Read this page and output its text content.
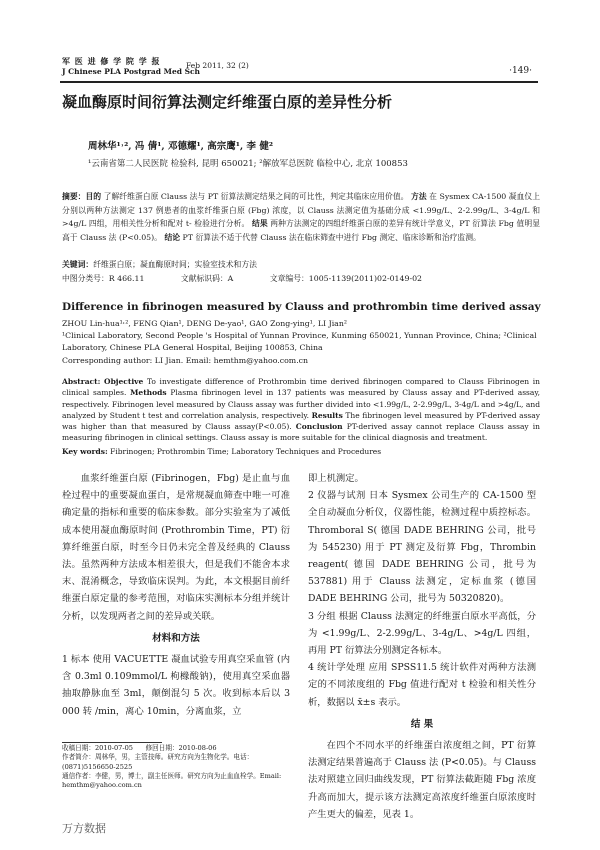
军 医 进 修 学 院 学 报
J Chinese PLA Postgrad Med Sch
Feb 2011, 32 (2)
·149·
凝血酶原时间衍算法测定纤维蛋白原的差异性分析
周林华¹˒², 冯 倩¹, 邓德耀¹, 高宗鹰¹, 李 健²
¹云南省第二人民医院 检验科, 昆明 650021; ²解放军总医院 临检中心, 北京 100853
摘要：目的 了解纤维蛋白原 Clauss 法与 PT 衍算法测定结果之间的可比性，判定其临床应用价值。 方法 在 Sysmex CA-1500 凝血仪上分别以两种方法测定 137 例患者的血浆纤维蛋白原 (Fbg) 浓度，以 Clauss 法测定值为基础分成 <1.99g/L、2-2.99g/L、3-4g/L 和 >4g/L 四组，用相关性分析和配对 t- 检验进行分析。 结果 两种方法测定的四组纤维蛋白原的差异有统计学意义，PT 衍算法 Fbg 值明显高于 Clauss 法 (P<0.05)。 结论 PT 衍算法不适于代替 Clauss 法在临床筛查中进行 Fbg 测定、临床诊断和治疗监测。
关键词：纤维蛋白原；凝血酶原时间；实验室技术和方法
中图分类号：R 466.11	文献标识码：A	文章编号：1005-1139(2011)02-0149-02
Difference in fibrinogen measured by Clauss and prothrombin time derived assay
ZHOU Lin-hua¹˒², FENG Qian¹, DENG De-yao¹, GAO Zong-ying¹, LI Jian²
¹Clinical Laboratory, Second People 's Hospital of Yunnan Province, Kunming 650021, Yunnan Province, China; ²Clinical Laboratory, Chinese PLA General Hospital, Beijing 100853, China
Corresponding author: LI Jian. Email: hemthm@yahoo.com.cn
Abstract: Objective To investigate difference of Prothrombin time derived fibrinogen compared to Clauss Fibrinogen in clinical samples. Methods Plasma fibrinogen level in 137 patients was measured by Clauss assay and PT-derived assay, respectively. Fibrinogen level measured by Clauss assay was further divided into <1.99g/L, 2-2.99g/L, 3-4g/L and >4g/L, and analyzed by Student t test and correlation analysis, respectively. Results The fibrinogen level measured by PT-derived assay was higher than that measured by Clauss assay(P<0.05). Conclusion PT-derived assay cannot replace Clauss assay in measuring fibrinogen in clinical settings. Clauss assay is more suitable for the clinical diagnosis and treatment.
Key words: Fibrinogen; Prothrombin Time; Laboratory Techniques and Procedures

血浆纤维蛋白原 (Fibrinogen，Fbg) 是止血与血栓过程中的重要凝血蛋白，是常规凝血筛查中唯一可准确定量的指标和重要的临床参数。部分实验室为了减低成本使用凝血酶原时间 (Prothrombin Time，PT) 衍算纤维蛋白原，时至今日仍未完全普及经典的 Clauss 法。虽然两种方法成本相差很大，但是我们不能舍本求末、混淆概念，导致临床误判。为此，本文根据目前纤维蛋白原定量的参考范围，对临床实测标本分组并统计分析，以发现两者之间的差异或关联。

材料和方法

1 标本 使用 VACUETTE 凝血试验专用真空采血管 (内含 0.3ml 0.109mmol/L 枸橼酸钠)，使用真空采血器抽取静脉血至 3ml，颠倒混匀 5 次。收到标本后以 3 000 转 /min，离心 10min，分离血浆，立

即上机测定。

2 仪器与试剂 日本 Sysmex 公司生产的 CA-1500 型全自动凝血分析仪，仪器性能，检测过程中质控标态。Thromboral S( 德国 DADE BEHRING 公司，批号为 545230) 用于 PT 测定及衍算 Fbg，Thrombin reagent( 德国 DADE BEHRING 公司，批号为 537881) 用于 Clauss 法测定，定标血浆 (德国 DADE BEHRING 公司，批号为 50320820)。

3 分组 根据 Clauss 法测定的纤维蛋白原水平高低，分为 <1.99g/L、2-2.99g/L、3-4g/L、>4g/L 四组，再用 PT 衍算法分别测定各标本。

4 统计学处理 应用 SPSS11.5 统计软件对两种方法测定的不同浓度组的 Fbg 值进行配对 t 检验和相关性分析，数据以 x̄±s 表示。

结 果

在四个不同水平的纤维蛋白浓度组之间，PT 衍算法测定结果普遍高于 Clauss 法 (P<0.05)。与 Clauss 法对照建立回归曲线发现，PT 衍算法截距随 Fbg 浓度升高而加大，提示该方法测定高浓度纤维蛋白原浓度时产生更大的偏差，见表 1。

收稿日期：2010-07-05 修回日期：2010-08-06
作者简介：周林华，男，主管技师。研究方向为生物化学。电话：(0871)5156650-2525
通信作者：李健，男，博士，副主任医师。研究方向为止血血栓学。Email: hemthm@yahoo.com.cn
万方数据
